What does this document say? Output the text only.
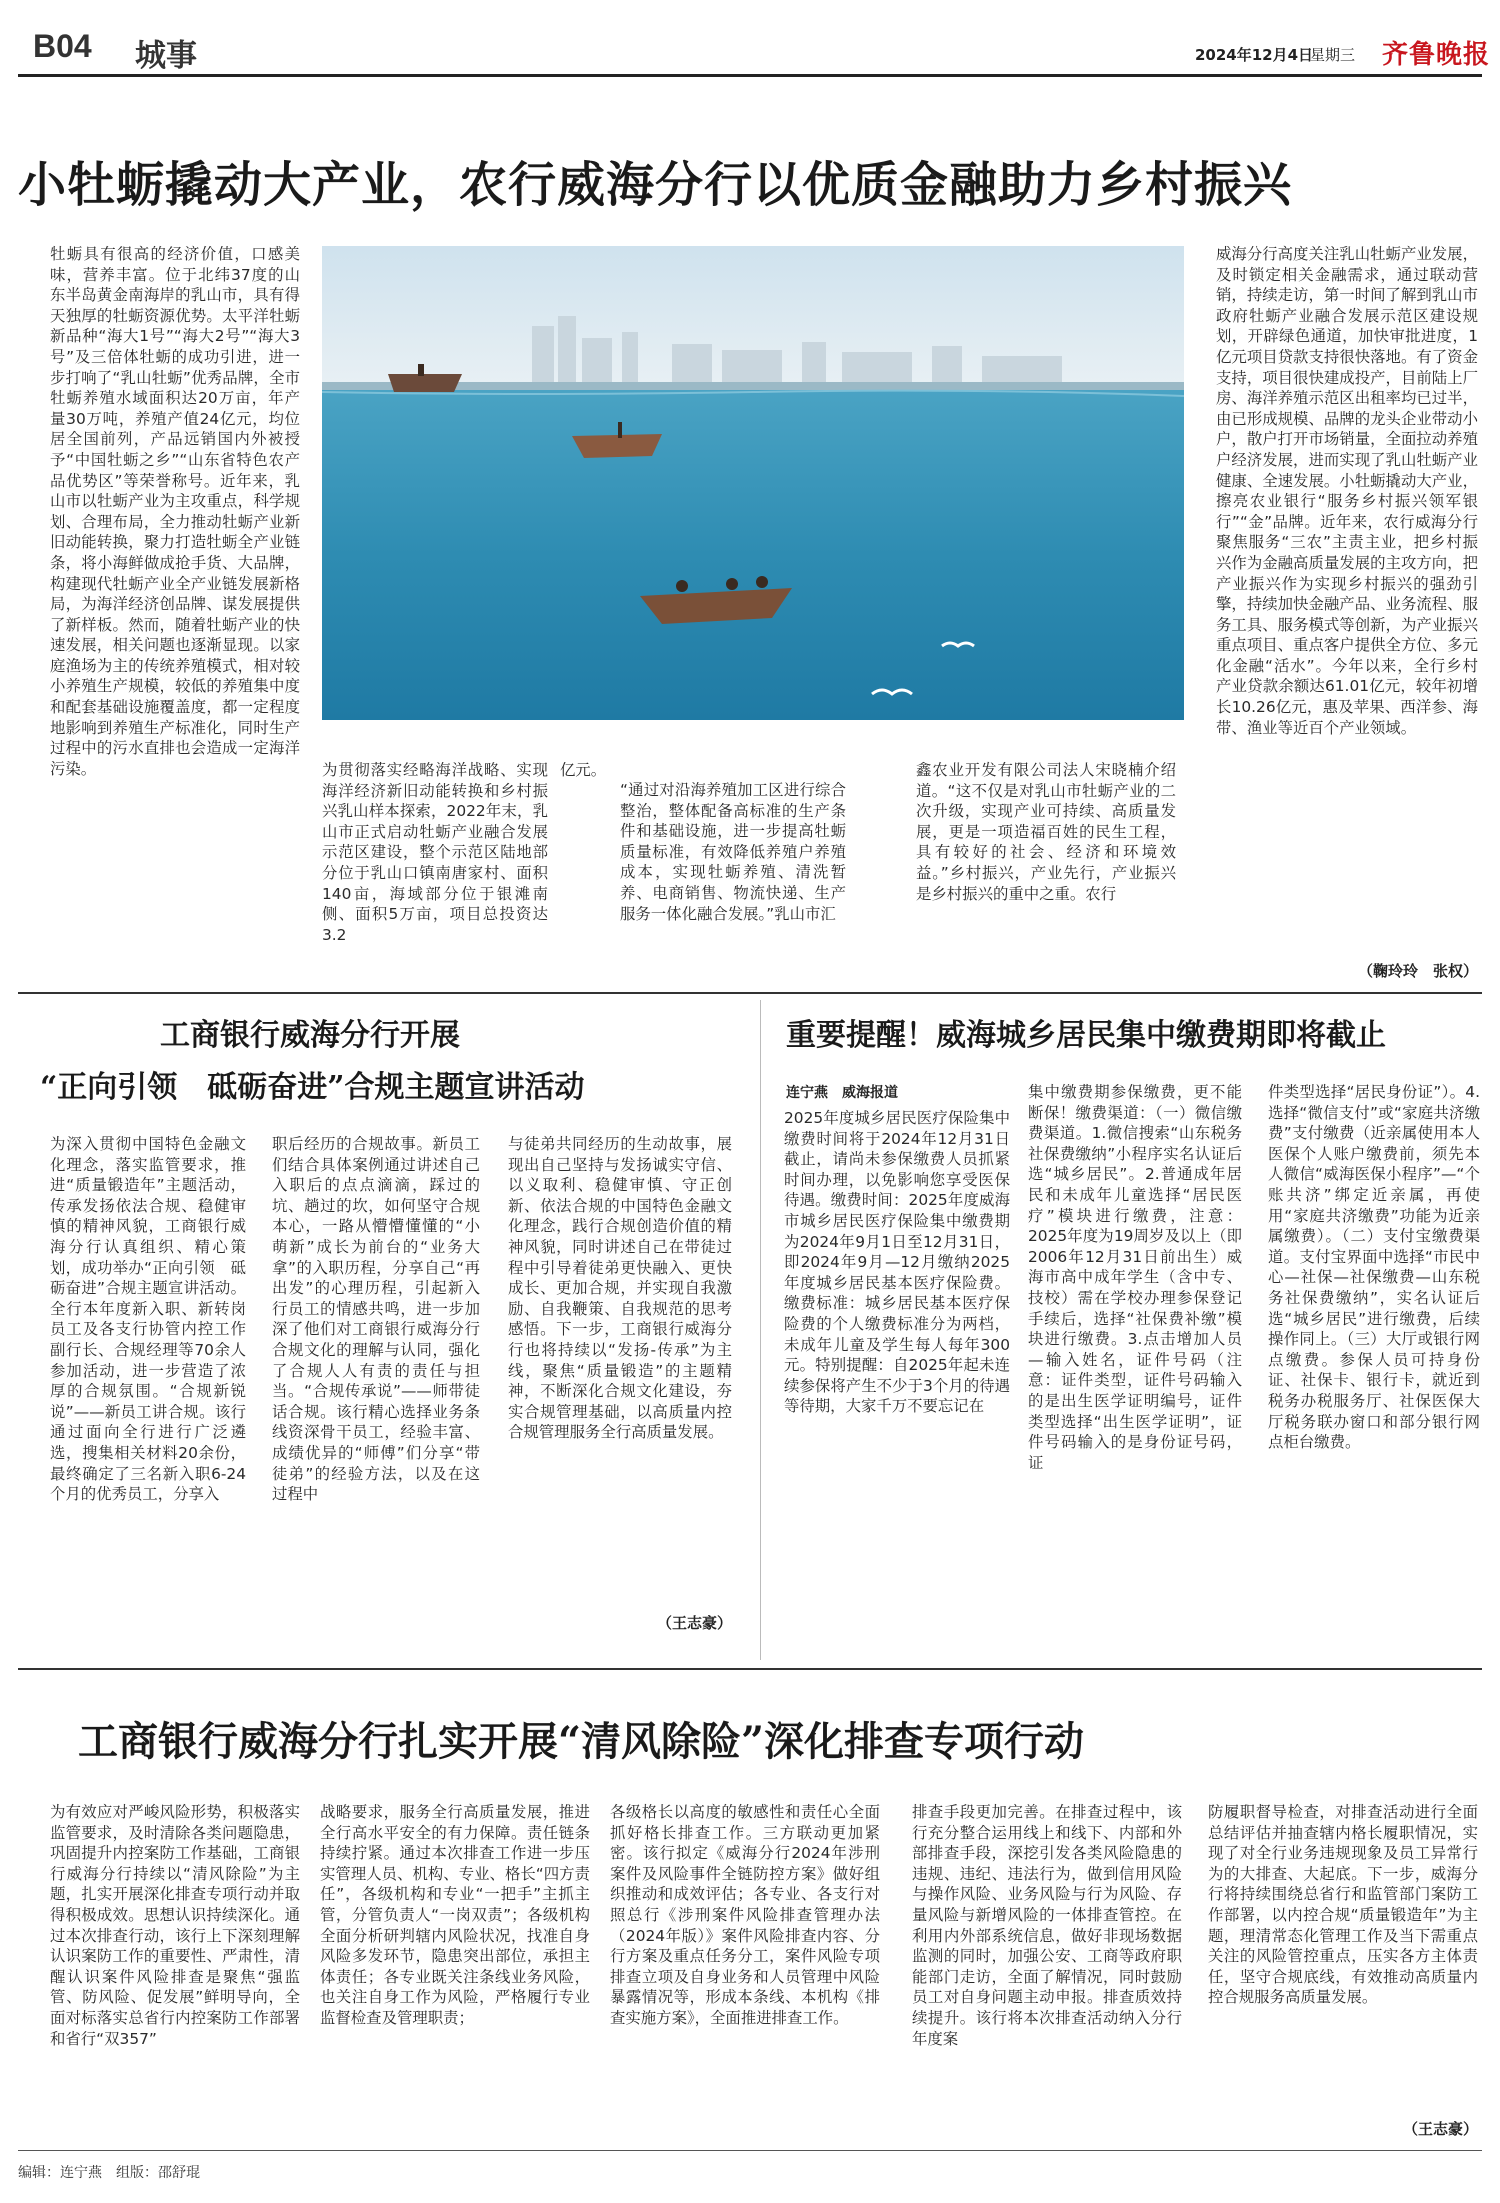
B04 城事	2024年12月4日
星期三 齐鲁晚报
小牡蛎撬动大产业，农行威海分行以优质金融助力乡村振兴
牡蛎具有很高的经济价值，口感美味，营养丰富。位于北纬37度的山东半岛黄金南海岸的乳山市，具有得天独厚的牡蛎资源优势。太平洋牡蛎新品种“海大1号”“海大2号”“海大3号”及三倍体牡蛎的成功引进，进一步打响了“乳山牡蛎”优秀品牌，全市牡蛎养殖水域面积达20万亩，年产量30万吨，养殖产值24亿元，均位居全国前列，产品远销国内外被授予“中国牡蛎之乡”“山东省特色农产品优势区”等荣誉称号。近年来，乳山市以牡蛎产业为主攻重点，科学规划、合理布局，全力推动牡蛎产业新旧动能转换，聚力打造牡蛎全产业链条，将小海鲜做成抢手货、大品牌，构建现代牡蛎产业全产业链发展新格局，为海洋经济创品牌、谋发展提供了新样板。然而，随着牡蛎产业的快速发展，相关问题也逐渐显现。以家庭渔场为主的传统养殖模式，相对较小养殖生产规模，较低的养殖集中度和配套基础设施覆盖度，都一定程度地影响到养殖生产标准化，同时生产过程中的污水直排也会造成一定海洋污染。	为贯彻落实经略海洋战略、实现海洋经济新旧动能转换和乡村振兴乳山样本探索，2022年末，乳山市正式启动牡蛎产业融合发展示范区建设，整个示范区陆地部分位于乳山口镇南唐家村、面积140亩，海域部分位于银滩南侧、面积5万亩，项目总投资达3.2
亿元。
“通过对沿海养殖加工区进行综合整治，整体配备高标准的生产条件和基础设施，进一步提高牡蛎质量标准，有效降低养殖户养殖成本，实现牡蛎养殖、清洗暂养、电商销售、物流快递、生产服务一体化融合发展。”乳山市汇
鑫农业开发有限公司法人宋晓楠介绍道。“这不仅是对乳山市牡蛎产业的二次升级，实现产业可持续、高质量发展，更是一项造福百姓的民生工程，具有较好的社会、经济和环境效益。”乡村振兴，产业先行，产业振兴是乡村振兴的重中之重。农行
威海分行高度关注乳山牡蛎产业发展，及时锁定相关金融需求，通过联动营销，持续走访，第一时间了解到乳山市政府牡蛎产业融合发展示范区建设规划，开辟绿色通道，加快审批进度，1亿元项目贷款支持很快落地。有了资金支持，项目很快建成投产，目前陆上厂房、海洋养殖示范区出租率均已过半，由已形成规模、品牌的龙头企业带动小户，散户打开市场销量，全面拉动养殖户经济发展，进而实现了乳山牡蛎产业健康、全速发展。小牡蛎撬动大产业，擦亮农业银行“服务乡村振兴领军银行”“金”品牌。近年来，农行威海分行聚焦服务“三农”主责主业，把乡村振兴作为金融高质量发展的主攻方向，把产业振兴作为实现乡村振兴的强劲引擎，持续加快金融产品、业务流程、服务工具、服务模式等创新，为产业振兴重点项目、重点客户提供全方位、多元化金融“活水”。今年以来，全行乡村产业贷款余额达61.01亿元，较年初增长10.26亿元，惠及苹果、西洋参、海带、渔业等近百个产业领域。
（鞠玲玲　张权）
工商银行威海分行开展
“正向引领　砥砺奋进”合规主题宣讲活动
为深入贯彻中国特色金融文化理念，落实监管要求，推进“质量锻造年”主题活动，传承发扬依法合规、稳健审慎的精神风貌，工商银行威海分行认真组织、精心策划，成功举办“正向引领　砥砺奋进”合规主题宣讲活动。全行本年度新入职、新转岗员工及各支行协管内控工作副行长、合规经理等70余人参加活动，进一步营造了浓厚的合规氛围。“合规新锐说”——新员工讲合规。该行通过面向全行进行广泛遴选，搜集相关材料20余份，最终确定了三名新入职6-24个月的优秀员工，分享入
职后经历的合规故事。新员工们结合具体案例通过讲述自己入职后的点点滴滴，踩过的坑、趟过的坎，如何坚守合规本心，一路从懵懵懂懂的“小萌新”成长为前台的“业务大拿”的入职历程，分享自己“再出发”的心理历程，引起新入行员工的情感共鸣，进一步加深了他们对工商银行威海分行合规文化的理解与认同，强化了合规人人有责的责任与担当。“合规传承说”——师带徒话合规。该行精心选择业务条线资深骨干员工，经验丰富、成绩优异的“师傅”们分享“带徒弟”的经验方法，以及在这过程中
与徒弟共同经历的生动故事，展现出自己坚持与发扬诚实守信、以义取利、稳健审慎、守正创新、依法合规的中国特色金融文化理念，践行合规创造价值的精神风貌，同时讲述自己在带徒过程中引导着徒弟更快融入、更快成长、更加合规，并实现自我激励、自我鞭策、自我规范的思考感悟。下一步，工商银行威海分行也将持续以“发扬-传承”为主线，聚焦“质量锻造”的主题精神，不断深化合规文化建设，夯实合规管理基础，以高质量内控合规管理服务全行高质量发展。
（王志豪）
重要提醒！威海城乡居民集中缴费期即将截止
连宁燕　威海报道
2025年度城乡居民医疗保险集中缴费时间将于2024年12月31日截止，请尚未参保缴费人员抓紧时间办理，以免影响您享受医保待遇。缴费时间：2025年度威海市城乡居民医疗保险集中缴费期为2024年9月1日至12月31日，即2024年9月—12月缴纳2025年度城乡居民基本医疗保险费。缴费标准：城乡居民基本医疗保险费的个人缴费标准分为两档，未成年儿童及学生每人每年300元。特别提醒：自2025年起未连续参保将产生不少于3个月的待遇等待期，大家千万不要忘记在
集中缴费期参保缴费，更不能断保！缴费渠道：（一）微信缴费渠道。1.微信搜索“山东税务社保费缴纳”小程序实名认证后选“城乡居民”。2.普通成年居民和未成年儿童选择“居民医疗”模块进行缴费，注意：2025年度为19周岁及以上（即2006年12月31日前出生）威海市高中成年学生（含中专、技校）需在学校办理参保登记手续后，选择“社保费补缴”模块进行缴费。3.点击增加人员—输入姓名，证件号码（注意：证件类型，证件号码输入的是出生医学证明编号，证件类型选择“出生医学证明”，证件号码输入的是身份证号码，证
件类型选择“居民身份证”）。4.选择“微信支付”或“家庭共济缴费”支付缴费（近亲属使用本人医保个人账户缴费前，须先本人微信“威海医保小程序”—“个账共济”绑定近亲属，再使用“家庭共济缴费”功能为近亲属缴费）。（二）支付宝缴费渠道。支付宝界面中选择“市民中心—社保—社保缴费—山东税务社保费缴纳”，实名认证后选“城乡居民”进行缴费，后续操作同上。（三）大厅或银行网点缴费。参保人员可持身份证、社保卡、银行卡，就近到税务办税服务厅、社保医保大厅税务联办窗口和部分银行网点柜台缴费。
工商银行威海分行扎实开展“清风除险”深化排查专项行动
为有效应对严峻风险形势，积极落实监管要求，及时清除各类问题隐患，巩固提升内控案防工作基础，工商银行威海分行持续以“清风除险”为主题，扎实开展深化排查专项行动并取得积极成效。思想认识持续深化。通过本次排查行动，该行上下深刻理解认识案防工作的重要性、严肃性，清醒认识案件风险排查是聚焦“强监管、防风险、促发展”鲜明导向，全面对标落实总省行内控案防工作部署和省行“双357”
战略要求，服务全行高质量发展，推进全行高水平安全的有力保障。责任链条持续拧紧。通过本次排查工作进一步压实管理人员、机构、专业、格长“四方责任”，各级机构和专业“一把手”主抓主管，分管负责人“一岗双责”；各级机构全面分析研判辖内风险状况，找准自身风险多发环节，隐患突出部位，承担主体责任；各专业既关注条线业务风险，也关注自身工作为风险，严格履行专业监督检查及管理职责；
各级格长以高度的敏感性和责任心全面抓好格长排查工作。三方联动更加紧密。该行拟定《威海分行2024年涉刑案件及风险事件全链防控方案》做好组织推动和成效评估；各专业、各支行对照总行《涉刑案件风险排查管理办法（2024年版）》案件风险排查内容、分行方案及重点任务分工，案件风险专项排查立项及自身业务和人员管理中风险暴露情况等，形成本条线、本机构《排查实施方案》，全面推进排查工作。
排查手段更加完善。在排查过程中，该行充分整合运用线上和线下、内部和外部排查手段，深挖引发各类风险隐患的违规、违纪、违法行为，做到信用风险与操作风险、业务风险与行为风险、存量风险与新增风险的一体排查管控。在利用内外部系统信息，做好非现场数据监测的同时，加强公安、工商等政府职能部门走访，全面了解情况，同时鼓励员工对自身问题主动申报。排查质效持续提升。该行将本次排查活动纳入分行年度案
防履职督导检查，对排查活动进行全面总结评估并抽查辖内格长履职情况，实现了对全行业务违规现象及员工异常行为的大排查、大起底。下一步，威海分行将持续围绕总省行和监管部门案防工作部署，以内控合规“质量锻造年”为主题，理清常态化管理工作及当下需重点关注的风险管控重点，压实各方主体责任，坚守合规底线，有效推动高质量内控合规服务高质量发展。
（王志豪）
编辑：连宁燕　组版：邵舒琨
